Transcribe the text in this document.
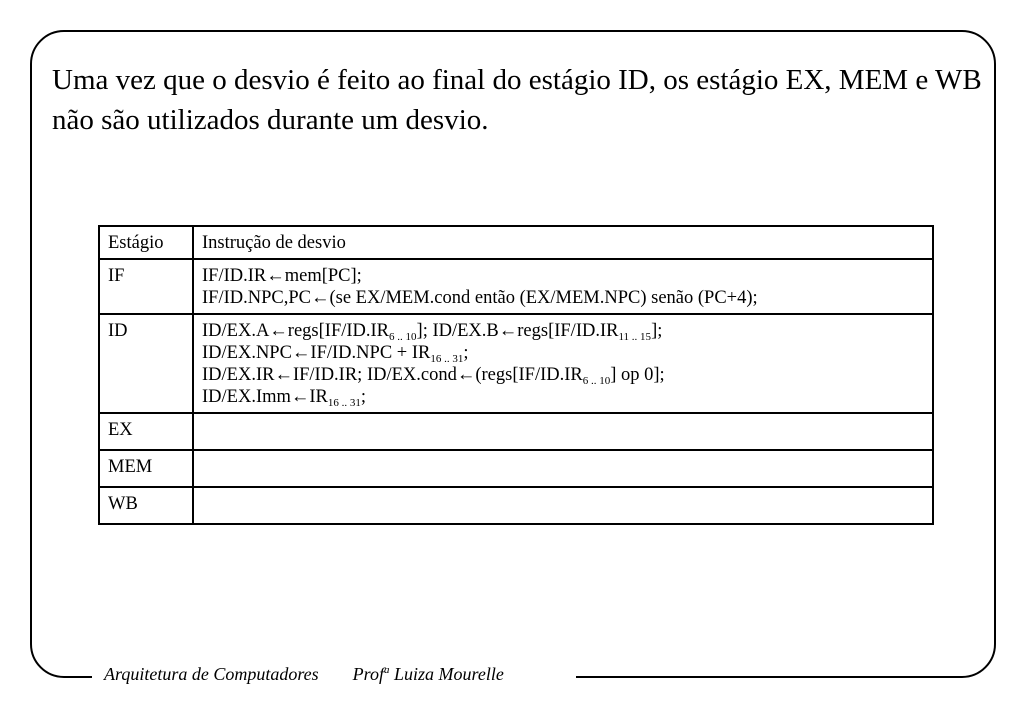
Uma vez que o desvio é feito ao final do estágio ID, os estágio EX, MEM e WB não são utilizados durante um desvio.

Estágio	Instrução de desvio
IF	IF/ID.IR←mem[PC];
IF/ID.NPC,PC←(se EX/MEM.cond então (EX/MEM.NPC) senão (PC+4);

ID	$ID/EX.A\leftarrow regs[IF/ID.IR_{6 .. 10}]$; $ID/EX.B\leftarrow regs[IF/ID.IR_{11 .. 15}]$;
ID/EX.NPC←IF/ID.NPC + $IR_{16 .. 31}$;
ID/EX.IR←IF/ID.IR; $ID/EX.cond\leftarrow(regs[IF/ID.IR_{6 .. 10}]$ op 0];
$ID/EX.Imm\leftarrow IR_{16 .. 31}$;

EX	
MEM	
WB	
Arquitetura de Computadores Prof$^a$ Luiza Mourelle
